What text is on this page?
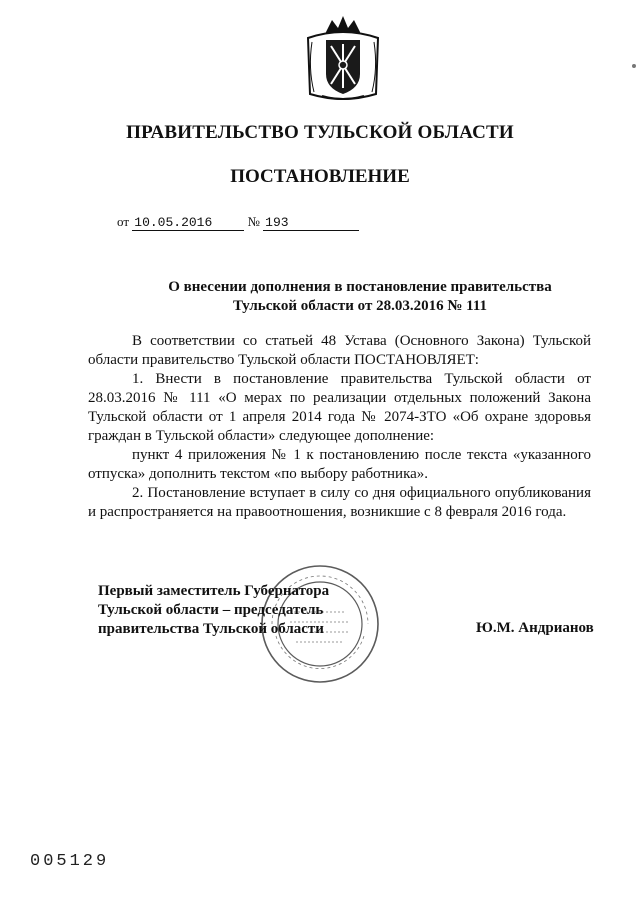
ПРАВИТЕЛЬСТВО ТУЛЬСКОЙ ОБЛАСТИ
ПОСТАНОВЛЕНИЕ
от 10.05.2016	№ 193
О внесении дополнения в постановление правительства
Тульской области от 28.03.2016 № 111

В соответствии со статьей 48 Устава (Основного Закона) Тульской области правительство Тульской области ПОСТАНОВЛЯЕТ:

1. Внести в постановление правительства Тульской области от 28.03.2016 № 111 «О мерах по реализации отдельных положений Закона Тульской области от 1 апреля 2014 года № 2074-ЗТО «Об охране здоровья граждан в Тульской области» следующее дополнение:

пункт 4 приложения № 1 к постановлению после текста «указанного отпуска» дополнить текстом «по выбору работника».

2. Постановление вступает в силу со дня официального опубликования и распространяется на правоотношения, возникшие с 8 февраля 2016 года.

Первый заместитель Губернатора
Тульской области – председатель
правительства Тульской области	Ю.М. Андрианов
005129
